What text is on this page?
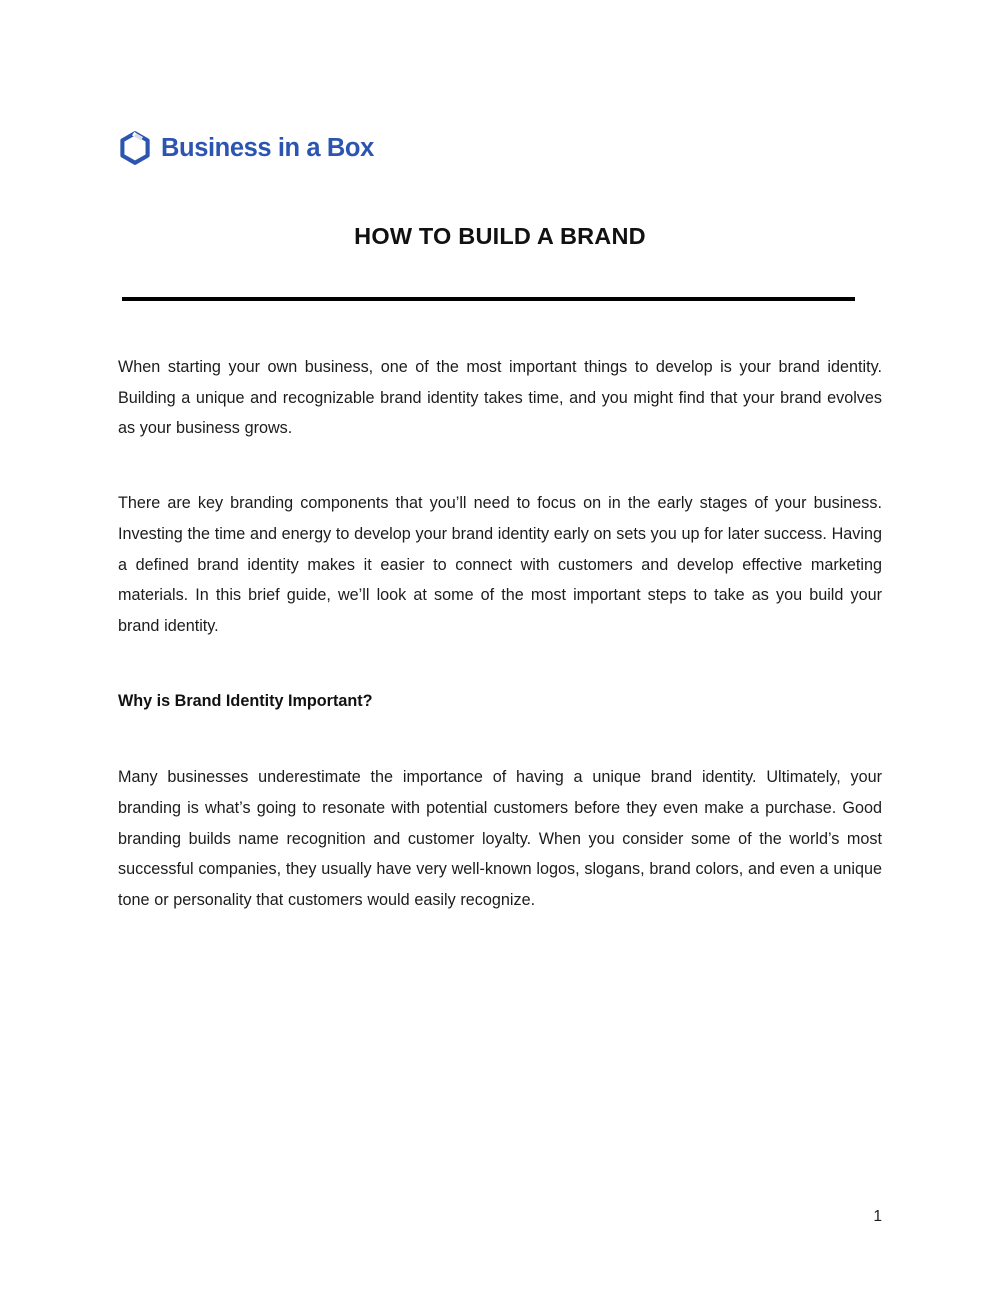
Business in a Box
HOW TO BUILD A BRAND

When starting your own business, one of the most important things to develop is your brand identity. Building a unique and recognizable brand identity takes time, and you might find that your brand evolves as your business grows.

There are key branding components that you’ll need to focus on in the early stages of your business. Investing the time and energy to develop your brand identity early on sets you up for later success. Having a defined brand identity makes it easier to connect with customers and develop effective marketing materials. In this brief guide, we’ll look at some of the most important steps to take as you build your brand identity.

Why is Brand Identity Important?

Many businesses underestimate the importance of having a unique brand identity. Ultimately, your branding is what’s going to resonate with potential customers before they even make a purchase. Good branding builds name recognition and customer loyalty. When you consider some of the world’s most successful companies, they usually have very well-known logos, slogans, brand colors, and even a unique tone or personality that customers would easily recognize.

1
